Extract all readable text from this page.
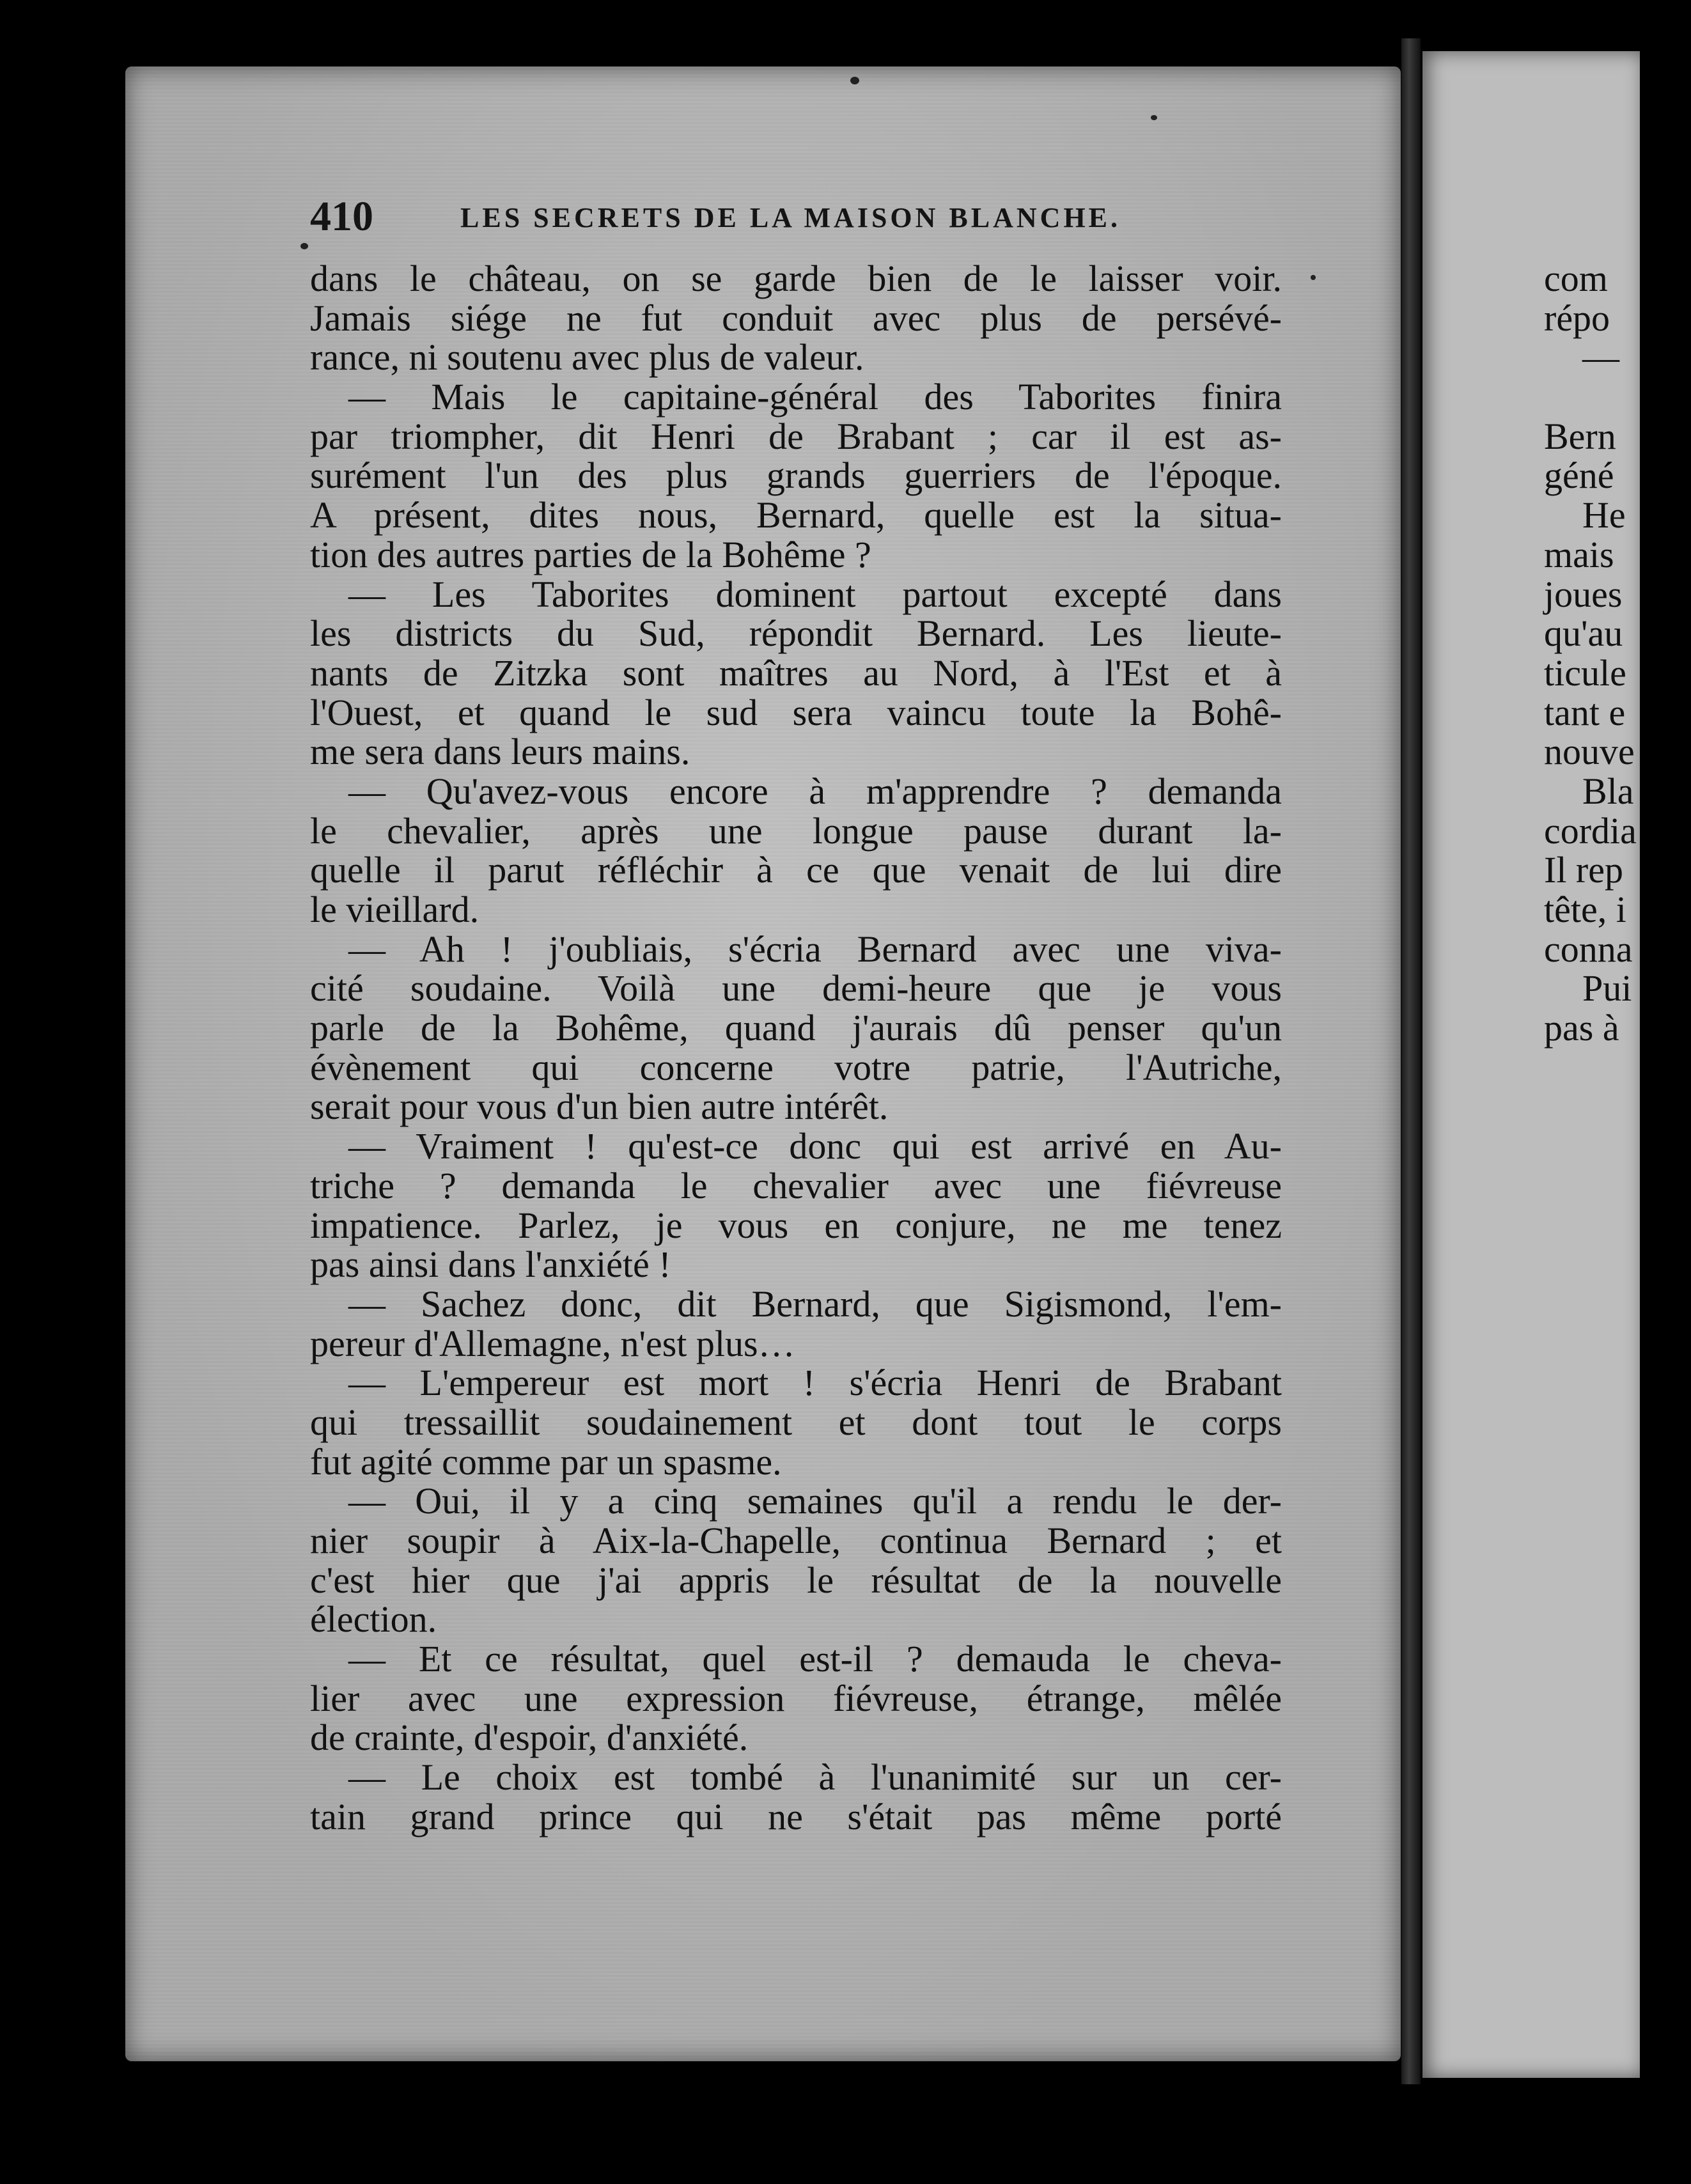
410	LES SECRETS DE LA MAISON BLANCHE.
dans le château, on se garde bien de le laisser voir.
Jamais siége ne fut conduit avec plus de persévé-
rance, ni soutenu avec plus de valeur.
— Mais le capitaine-général des Taborites finira
par triompher, dit Henri de Brabant ; car il est as-
surément l'un des plus grands guerriers de l'époque.
A présent, dites nous, Bernard, quelle est la situa-
tion des autres parties de la Bohême ?
— Les Taborites dominent partout excepté dans
les districts du Sud, répondit Bernard. Les lieute-
nants de Zitzka sont maîtres au Nord, à l'Est et à
l'Ouest, et quand le sud sera vaincu toute la Bohê-
me sera dans leurs mains.
— Qu'avez-vous encore à m'apprendre ? demanda
le chevalier, après une longue pause durant la-
quelle il parut réfléchir à ce que venait de lui dire
le vieillard.
— Ah ! j'oubliais, s'écria Bernard avec une viva-
cité soudaine. Voilà une demi-heure que je vous
parle de la Bohême, quand j'aurais dû penser qu'un
évènement qui concerne votre patrie, l'Autriche,
serait pour vous d'un bien autre intérêt.
— Vraiment ! qu'est-ce donc qui est arrivé en Au-
triche ? demanda le chevalier avec une fiévreuse
impatience. Parlez, je vous en conjure, ne me tenez
pas ainsi dans l'anxiété !
— Sachez donc, dit Bernard, que Sigismond, l'em-
pereur d'Allemagne, n'est plus…
— L'empereur est mort ! s'écria Henri de Brabant
qui tressaillit soudainement et dont tout le corps
fut agité comme par un spasme.
— Oui, il y a cinq semaines qu'il a rendu le der-
nier soupir à Aix-la-Chapelle, continua Bernard ; et
c'est hier que j'ai appris le résultat de la nouvelle
élection.
— Et ce résultat, quel est-il ? demauda le cheva-
lier avec une expression fiévreuse, étrange, mêlée
de crainte, d'espoir, d'anxiété.
— Le choix est tombé à l'unanimité sur un cer-
tain grand prince qui ne s'était pas même porté
com
répo
—
Bern
géné
He
mais
joues
qu'au
ticule
tant e
nouve
Bla
cordia
Il rep
tête, i
conna
Pui
pas à
